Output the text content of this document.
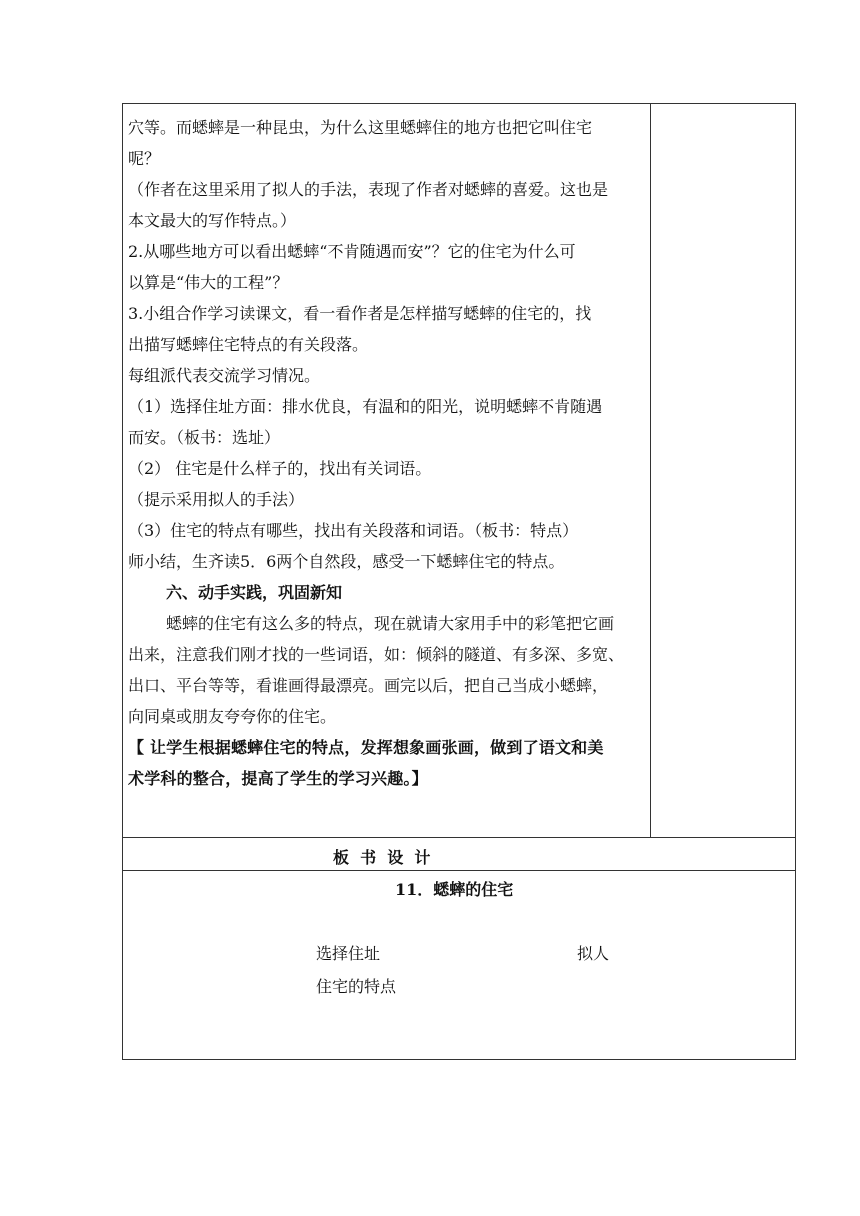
穴等。而蟋蟀是一种昆虫，为什么这里蟋蟀住的地方也把它叫住宅
呢？
（作者在这里采用了拟人的手法，表现了作者对蟋蟀的喜爱。这也是
本文最大的写作特点。）
2.从哪些地方可以看出蟋蟀“不肯随遇而安”？它的住宅为什么可
以算是“伟大的工程”？
3.小组合作学习读课文，看一看作者是怎样描写蟋蟀的住宅的，找
出描写蟋蟀住宅特点的有关段落。
每组派代表交流学习情况。
（1）选择住址方面：排水优良，有温和的阳光，说明蟋蟀不肯随遇
而安。（板书：选址）
（2） 住宅是什么样子的，找出有关词语。
（提示采用拟人的手法）
（3）住宅的特点有哪些，找出有关段落和词语。（板书：特点）
师小结，生齐读5．6两个自然段，感受一下蟋蟀住宅的特点。
六、动手实践，巩固新知
蟋蟀的住宅有这么多的特点，现在就请大家用手中的彩笔把它画
出来，注意我们刚才找的一些词语，如：倾斜的隧道、有多深、多宽、
出口、平台等等，看谁画得最漂亮。画完以后，把自己当成小蟋蟀，
向同桌或朋友夸夸你的住宅。
【 让学生根据蟋蟀住宅的特点，发挥想象画张画，做到了语文和美
术学科的整合，提高了学生的学习兴趣。】
板  书  设  计
11．蟋蟀的住宅
选择住址	拟人
住宅的特点
